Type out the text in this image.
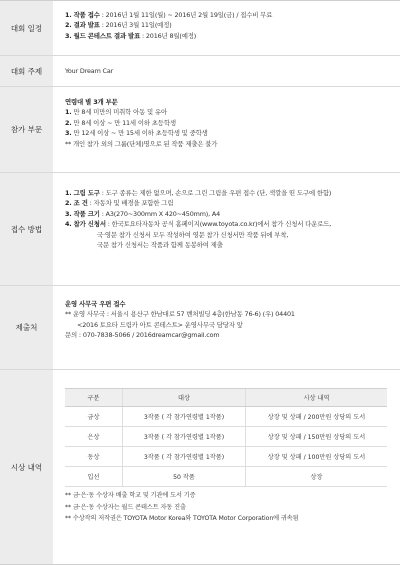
대회 일정
1. 작품 접수 : 2016년 1월 11일(월) ~ 2016년 2월 19일(금) / 접수비 무료
2. 결과 발표 : 2016년 3월 11일(예정)
3. 월드 콘테스트 결과 발표 : 2016년 8월(예정)
대회 주제	Your Dream Car
참가 부문
연령대 별 3개 부문
1. 만 8세 미만의 미취학 아동 및 유아
2. 만 8세 이상 ~ 만 11세 이하 초등학생
3. 만 12세 이상 ~ 만 15세 이하 초등학생 및 중학생
** 개인 참가 외의 그룹(단체)명으로 된 작품 제출은 불가
접수 방법
1. 그림 도구 : 도구 종류는 제한 없으며, 손으로 그린 그림을 우편 접수 (단, 색깔을 띤 도구에 한함)
2. 조 건 : 자동차 및 배경을 포함한 그림
3. 작품 크기 : A3(270~300mm X 420~450mm), A4
4. 참가 신청서 : 한국토요타자동차 공식 홈페이지(www.toyota.co.kr)에서 참가 신청서 다운로드,
국·영문 참가 신청서 모두 작성하여 영문 참가 신청서만 작품 뒤에 부착,
국문 참가 신청서는 작품과 함께 동봉하여 제출
제출처
운영 사무국 우편 접수
** 운영 사무국 : 서울시 용산구 한남대로 57 벤처빌딩 4층(한남동 76-6) (우) 04401
<2016 토요타 드림카 아트 콘테스트> 운영사무국 담당자 앞
문의 : 070-7838-5066 / 2016dreamcar@gmail.com
시상 내역
구분	대상	시상 내역
금상	3작품 ( 각 참가연령별 1작품)	상장 및 상패 / 200만원 상당의 도서
은상	3작품 ( 각 참가연령별 1작품)	상장 및 상패 / 150만원 상당의 도서
동상	3작품 ( 각 참가연령별 1작품)	상장 및 상패 / 100만원 상당의 도서
입선	50 작품	상장
** 금·은·동 수상자 배출 학교 및 기관에 도서 기증
** 금·은·동 수상자는 월드 콘테스트 자동 진출
** 수상작의 저작권은 TOYOTA Motor Korea와 TOYOTA Motor Corporation에 귀속됨
